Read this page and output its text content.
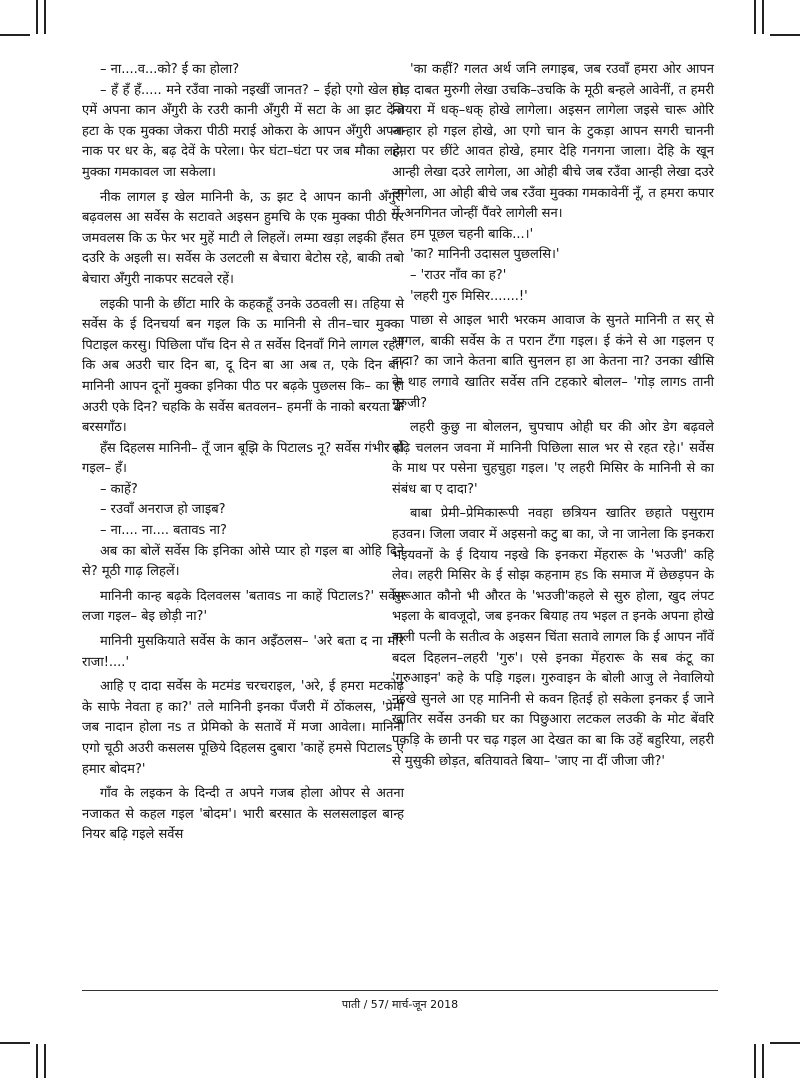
– ना....व...को? ई का होला?

– हँ हँ हँ..... मने रउँवा नाको नइखीं जानत? – ईहो एगो खेल ह। एमें अपना कान अँगुरी के रउरी कानी अँगुरी में सटा के आ झट देना हटा के एक मुक्का जेकरा पीठी मराई ओकरा के आपन अँगुरी अपना नाक पर धर के, बढ़ देवें के परेला। फेर घंटा–घंटा पर जब मौका लहे, मुक्का गमकावल जा सकेला।

नीक लागल इ खेल मानिनी के, ऊ झट दे आपन कानी अँगुरी बढ़वलस आ सर्वेस के सटावते अइसन हुमचि के एक मुक्का पीठी पर जमवलस कि ऊ फेर भर मुहें माटी ले लिहलें। लम्मा खड़ा लइकी हँसत दउरि के अइली स। सर्वेस के उलटली स बेचारा बेटोस रहे, बाकी तबो बेचारा अँगुरी नाकपर सटवले रहें।

लइकी पानी के छींटा मारि के कहकहूँ उनके उठवली स। तहिया से सर्वेस के ई दिनचर्या बन गइल कि ऊ मानिनी से तीन–चार मुक्का पिटाइल करसु। पिछिला पाँच दिन से त सर्वेस दिनवाँ गिने लागल रहलें कि अब अउरी चार दिन बा, दू दिन बा आ अब त, एके दिन बा। मानिनी आपन दूनों मुक्का इनिका पीठ पर बढ़के पुछलस कि– का हो अउरी एके दिन? चहकि के सर्वेस बतवलन– हमनीं के नाको बरयता के बरसगाँठ।

हँस दिहलस मानिनी– तूँ जान बूझि के पिटालs नू? सर्वेस गंभीर हो गइल– हँ।

– काहें?

– रउवाँ अनराज हो जाइब?

– ना.... ना.... बतावs ना?

अब का बोलें सर्वेस कि इनिका ओसे प्यार हो गइल बा ओहि दिने से? मूठी गाढ़ लिहलें।

मानिनी कान्ह बढ़के दिलवलस 'बतावs ना काहें पिटालs?' सर्वेस लजा गइल– बेइ छोड़ी ना?'

मानिनी मुसकियाते सर्वेस के कान अइँठलस– 'अरे बता द ना मोरे राजा!....'

आहि ए दादा सर्वेस के मटमंड चरचराइल, 'अरे, ई हमरा मटकोढ़ के साफे नेवता ह का?' तले मानिनी इनका पँजरी में ठोंकलस, 'प्रेमी जब नादान होला नs त प्रेमिको के सतावें में मजा आवेला। मानिनी एगो चूठी अउरी कसलस पूछिये दिहलस दुबारा 'काहें हमसे पिटालs ए हमार बोदम?'

गाँव के लइकन के दिन्दी त अपने गजब होला ओपर से अतना नजाकत से कहल गइल 'बोदम'। भारी बरसात के सलसलाइल बान्ह नियर बढ़ि गइले सर्वेस

'का कहीं? गलत अर्थ जनि लगाइब, जब रउवाँ हमरा ओर आपन गोड़ दाबत मुरुगी लेखा उचकि–उचकि के मूठी बन्हले आवेनीं, त हमरी जियरा में धक्–धक् होखे लागेला। अइसन लागेला जइसे चारू ओरि अन्हार हो गइल होखे, आ एगो चान के टुकड़ा आपन सगरी चाननी हमरा पर छींटे आवत होखे, हमार देहि गनगना जाला। देहि के खून आन्ही लेखा दउरे लागेला, आ ओही बीचे जब रउँवा आन्ही लेखा दउरे लागेला, आ ओही बीचे जब रउँवा मुक्का गमकावेनीं नूँ, त हमरा कपार में अनगिनत जोन्हीं पैंवरे लागेली सन।

हम पूछल चहनी बाकि...।'

'का? मानिनी उदासल पुछलसि।'

– 'राउर नाँव का ह?'

'लहरी गुरु मिसिर.......!'

पाछा से आइल भारी भरकम आवाज के सुनते मानिनी त सर् से भागल, बाकी सर्वेस के त परान टँगा गइल। ई कंने से आ गइलन ए दादा? का जाने केतना बाति सुनलन हा आ केतना ना? उनका खीसि के थाह लगावे खातिर सर्वेस तनि टहकारे बोलल– 'गोड़ लागs तानी गुरुजी?

लहरी कुछु ना बोललन, चुपचाप ओही घर की ओर डेग बढ़वले बढ़ि चललन जवना में मानिनी पिछिला साल भर से रहत रहे।' सर्वेस के माथ पर पसेना चुहचुहा गइल। 'ए लहरी मिसिर के मानिनी से का संबंध बा ए दादा?'

बाबा प्रेमी–प्रेमिकारूपी नवहा छत्रियन खातिर छहाते पसुराम हउवन। जिला जवार में अइसनो कटु बा का, जे ना जानेला कि इनकरा भइयवनों के ई दियाय नइखे कि इनकरा मेंहरारू के 'भउजी' कहि लेव। लहरी मिसिर के ई सोझ कहनाम हs कि समाज में छेछड़पन के सुरूआत कौनो भी औरत के 'भउजी'कहले से सुरु होला, खुद लंपट भइला के बावजूदो, जब इनकर बियाह तय भइल त इनके अपना होखे वाली पत्नी के सतीत्व के अइसन चिंता सतावे लागल कि ई आपन नाँवें बदल दिहलन–लहरी 'गुरु'। एसे इनका मेंहरारू के सब कंटू का 'गुरुआइन' कहे के पड़ि गइल। गुरुवाइन के बोली आजु ले नेवालियो नइखे सुनले आ एह मानिनी से कवन हितई हो सकेला इनकर ई जाने खातिर सर्वेस उनकी घर का पिछुआरा लटकल लउकी के मोट बेंवरि पकड़ि के छानी पर चढ़ गइल आ देखत का बा कि उहें बहुरिया, लहरी से मुसुकी छोड़त, बतियावते बिया– 'जाए ना दीं जीजा जी?'

पाती / 57/ मार्च-जून 2018
